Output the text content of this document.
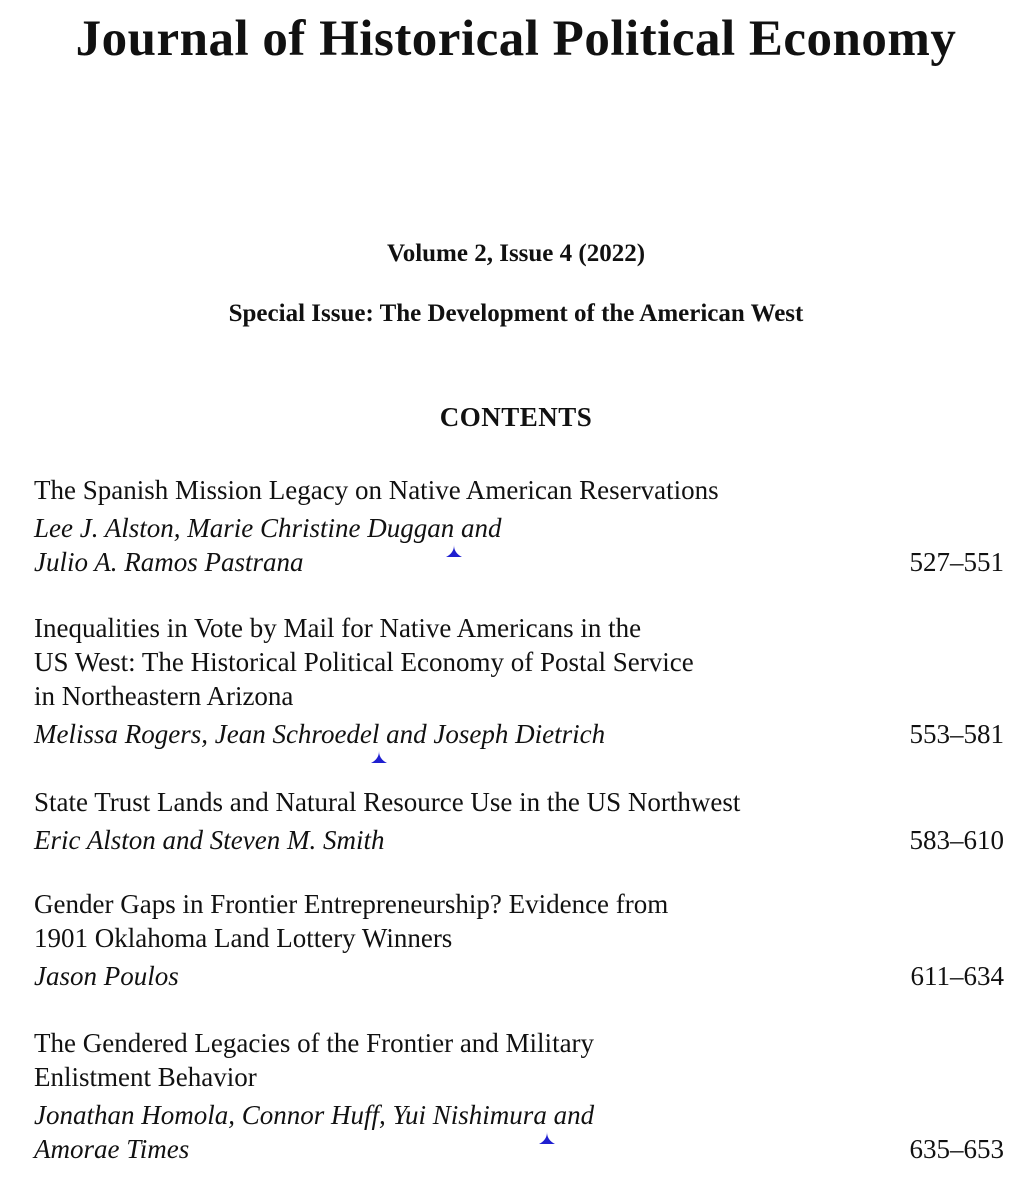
Journal of Historical Political Economy
Volume 2, Issue 4 (2022)
Special Issue: The Development of the American West
CONTENTS
The Spanish Mission Legacy on Native American Reservations
Lee J. Alston, Marie Christine Duggan
and
Julio A. Ramos Pastrana	527–551
Inequalities in Vote by Mail for Native Americans in the
US West: The Historical Political Economy of Postal Service
in Northeastern Arizona
Melissa Rogers, Jean Schroedel
and Joseph Dietrich	553–581
State Trust Lands and Natural Resource Use in the US Northwest
Eric Alston and Steven M. Smith	583–610
Gender Gaps in Frontier Entrepreneurship? Evidence from
1901 Oklahoma Land Lottery Winners
Jason Poulos	611–634
The Gendered Legacies of the Frontier and Military
Enlistment Behavior
Jonathan Homola, Connor Huff, Yui Nishimura
and
Amorae Times	635–653
